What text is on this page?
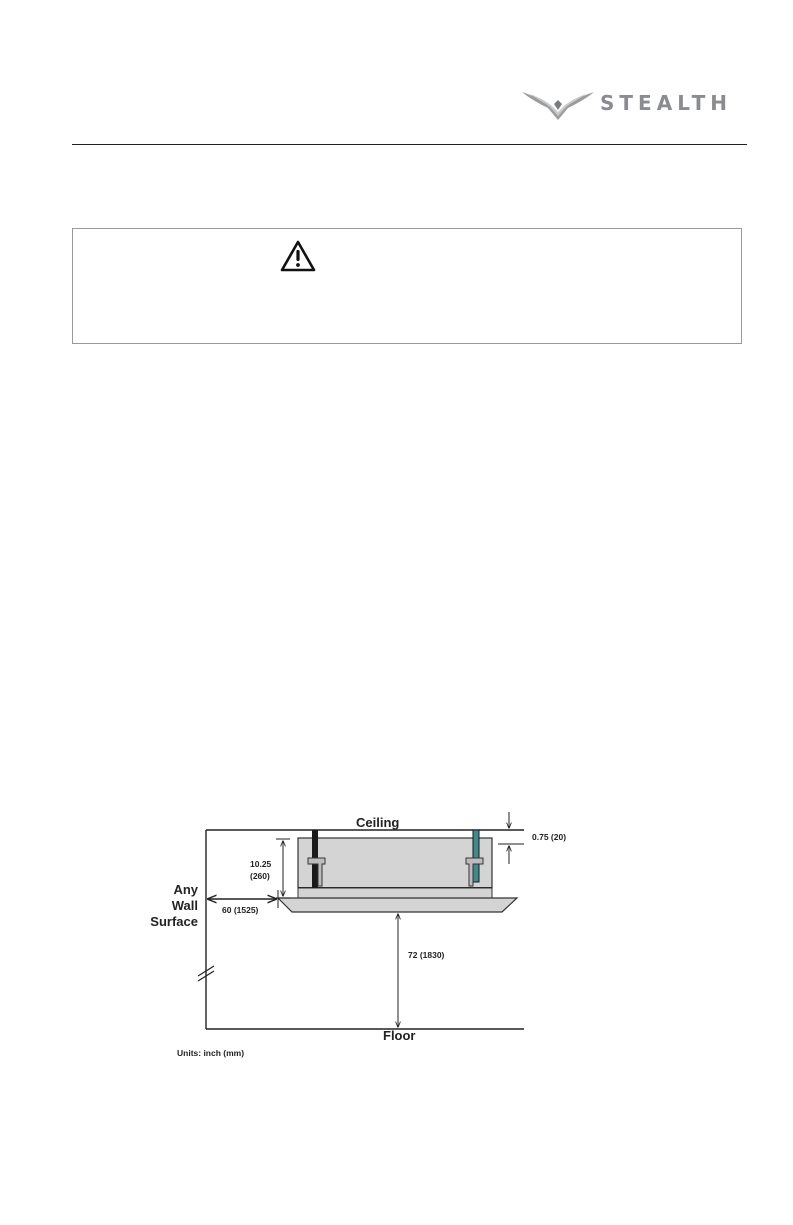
STEALTH
Ceiling
Floor
Any
Wall
Surface
0.75 (20)
10.25
(260)
60 (1525)
72 (1830)
Units: inch (mm)
